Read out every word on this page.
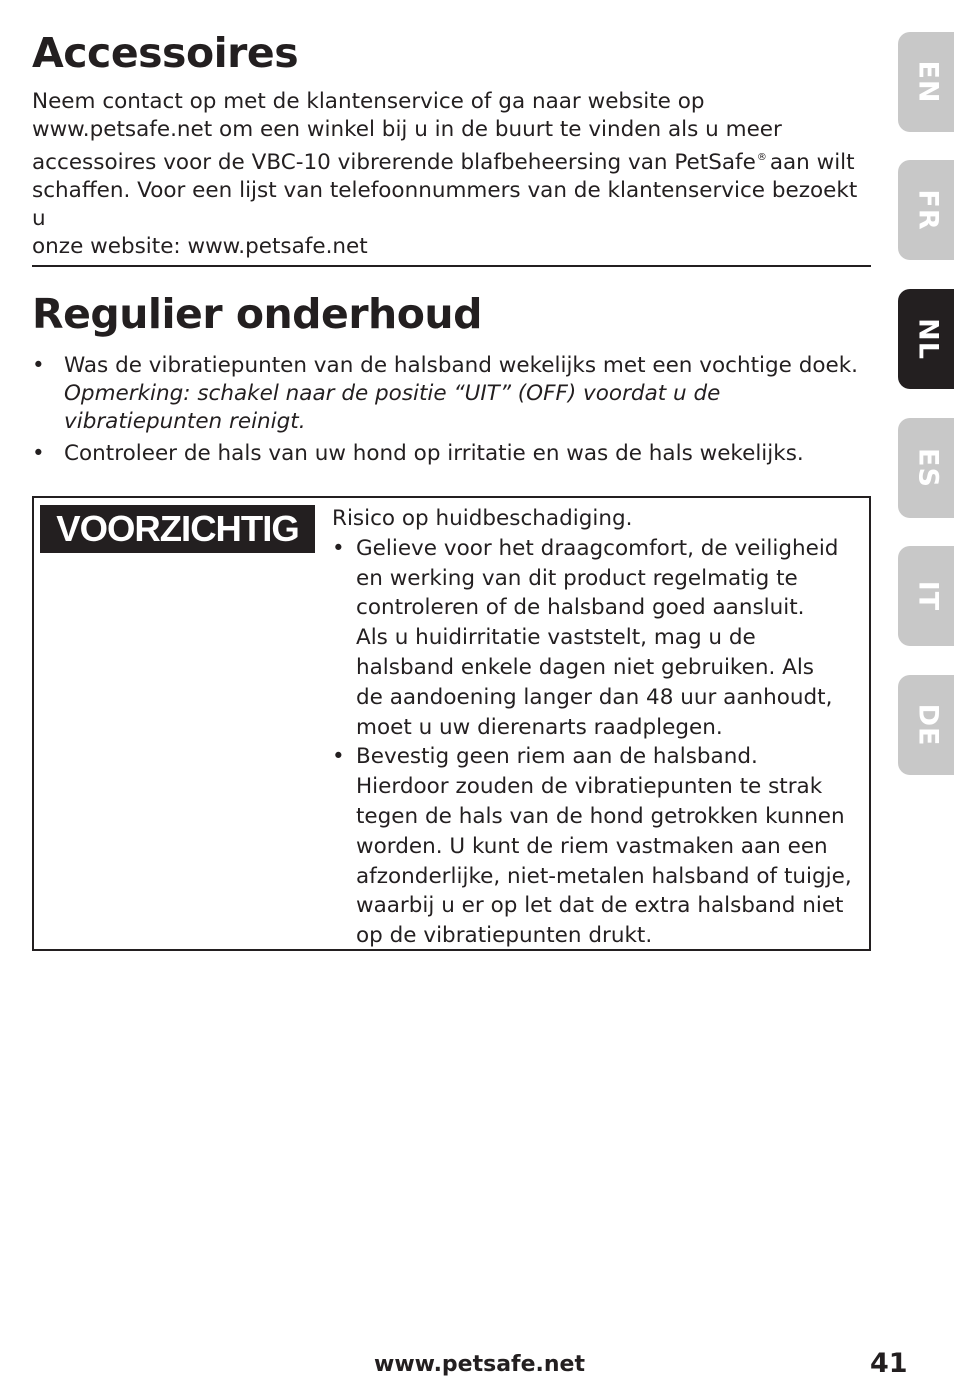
Accessoires

Neem contact op met de klantenservice of ga naar website op
www.petsafe.net om een winkel bij u in de buurt te vinden als u meer
accessoires voor de VBC-10 vibrerende blafbeheersing van PetSafe® aan wilt
schaffen. Voor een lijst van telefoonnummers van de klantenservice bezoekt u
onze website: www.petsafe.net

Regulier onderhoud
• Was de vibratiepunten van de halsband wekelijks met een vochtige doek.
Opmerking: schakel naar de positie “UIT” (OFF) voordat u de
vibratiepunten reinigt.
• Controleer de hals van uw hond op irritatie en was de hals wekelijks.
VOORZICHTIG	Risico op huidbeschadiging.
• Gelieve voor het draagcomfort, de veiligheid
en werking van dit product regelmatig te
controleren of de halsband goed aansluit.
Als u huidirritatie vaststelt, mag u de
halsband enkele dagen niet gebruiken. Als
de aandoening langer dan 48 uur aanhoudt,
moet u uw dierenarts raadplegen.
• Bevestig geen riem aan de halsband.
Hierdoor zouden de vibratiepunten te strak
tegen de hals van de hond getrokken kunnen
worden. U kunt de riem vastmaken aan een
afzonderlijke, niet-metalen halsband of tuigje,
waarbij u er op let dat de extra halsband niet
op de vibratiepunten drukt.
EN
FR
NL
ES
IT
DE
www.petsafe.net	41
